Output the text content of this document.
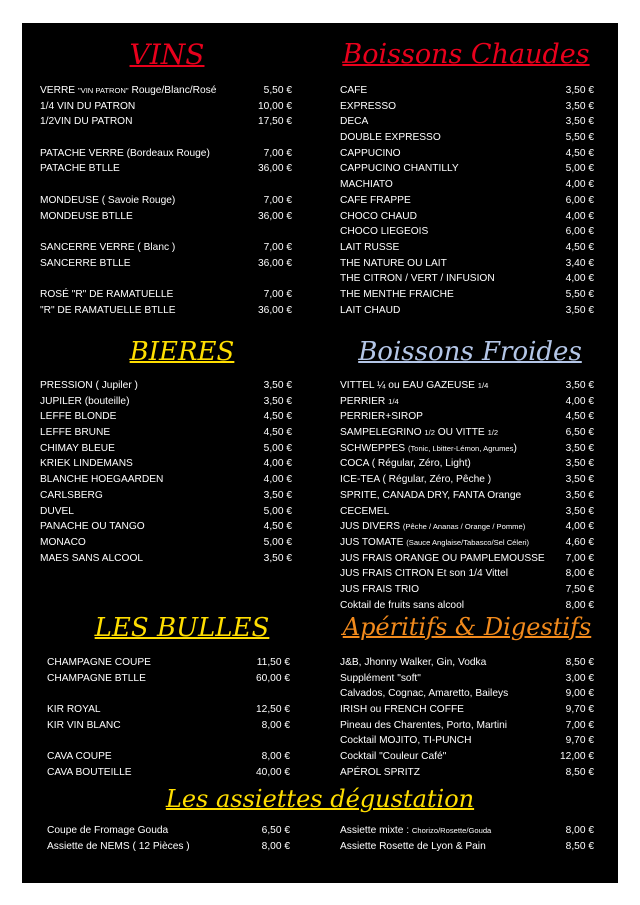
VINS
VERRE "VIN PATRON" Rouge/Blanc/Rosé	5,50 €
1/4 VIN DU PATRON	10,00 €
1/2VIN DU PATRON	17,50 €
PATACHE VERRE (Bordeaux Rouge)	7,00 €
PATACHE BTLLE	36,00 €
MONDEUSE ( Savoie Rouge)	7,00 €
MONDEUSE BTLLE	36,00 €
SANCERRE VERRE ( Blanc )	7,00 €
SANCERRE BTLLE	36,00 €
ROSÉ "R" DE RAMATUELLE	7,00 €
"R" DE RAMATUELLE BTLLE	36,00 €
Boissons Chaudes
CAFE	3,50 €
EXPRESSO	3,50 €
DECA	3,50 €
DOUBLE EXPRESSO	5,50 €
CAPPUCINO	4,50 €
CAPPUCINO CHANTILLY	5,00 €
MACHIATO	4,00 €
CAFE FRAPPE	6,00 €
CHOCO CHAUD	4,00 €
CHOCO LIEGEOIS	6,00 €
LAIT RUSSE	4,50 €
THE NATURE OU LAIT	3,40 €
THE CITRON / VERT / INFUSION	4,00 €
THE MENTHE FRAICHE	5,50 €
LAIT CHAUD	3,50 €
BIERES
PRESSION ( Jupiler )	3,50 €
JUPILER (bouteille)	3,50 €
LEFFE BLONDE	4,50 €
LEFFE BRUNE	4,50 €
CHIMAY BLEUE	5,00 €
KRIEK LINDEMANS	4,00 €
BLANCHE HOEGAARDEN	4,00 €
CARLSBERG	3,50 €
DUVEL	5,00 €
PANACHE OU TANGO	4,50 €
MONACO	5,00 €
MAES SANS ALCOOL	3,50 €
Boissons Froides
VITTEL ¼ ou EAU GAZEUSE 1/4	3,50 €
PERRIER 1/4	4,00 €
PERRIER+SIROP	4,50 €
SAMPELEGRINO 1/2 OU VITTE 1/2	6,50 €
SCHWEPPES (Tonic, Lbitter-Lémon, Agrumes)	3,50 €
COCA ( Régular, Zéro, Light)	3,50 €
ICE-TEA ( Régular, Zéro, Pêche )	3,50 €
SPRITE, CANADA DRY, FANTA Orange	3,50 €
CECEMEL	3,50 €
JUS DIVERS (Pêche / Ananas / Orange / Pomme)	4,00 €
JUS TOMATE (Sauce Anglaise/Tabasco/Sel Céleri)	4,60 €
JUS FRAIS ORANGE OU PAMPLEMOUSSE 7,00 €
JUS FRAIS CITRON Et son 1/4 Vittel	8,00 €
JUS FRAIS TRIO	7,50 €
Coktail de fruits sans alcool	8,00 €
LES BULLES
CHAMPAGNE COUPE	11,50 €
CHAMPAGNE BTLLE	60,00 €
KIR ROYAL	12,50 €
KIR VIN BLANC	8,00 €
CAVA COUPE	8,00 €
CAVA BOUTEILLE	40,00 €
Apéritifs & Digestifs
J&B, Jhonny Walker, Gin, Vodka	8,50 €
Supplément "soft"	3,00 €
Calvados, Cognac, Amaretto, Baileys	9,00 €
IRISH ou FRENCH COFFE	9,70 €
Pineau des Charentes, Porto, Martini	7,00 €
Cocktail MOJITO, TI-PUNCH	9,70 €
Cocktail "Couleur Café"	12,00 €
APÉROL SPRITZ	8,50 €
Les assiettes dégustation
Coupe de Fromage Gouda	6,50 €
Assiette de NEMS ( 12 Pièces )	8,00 €
Assiette mixte : Chorizo/Rosette/Gouda	8,00 €
Assiette Rosette de Lyon & Pain	8,50 €
